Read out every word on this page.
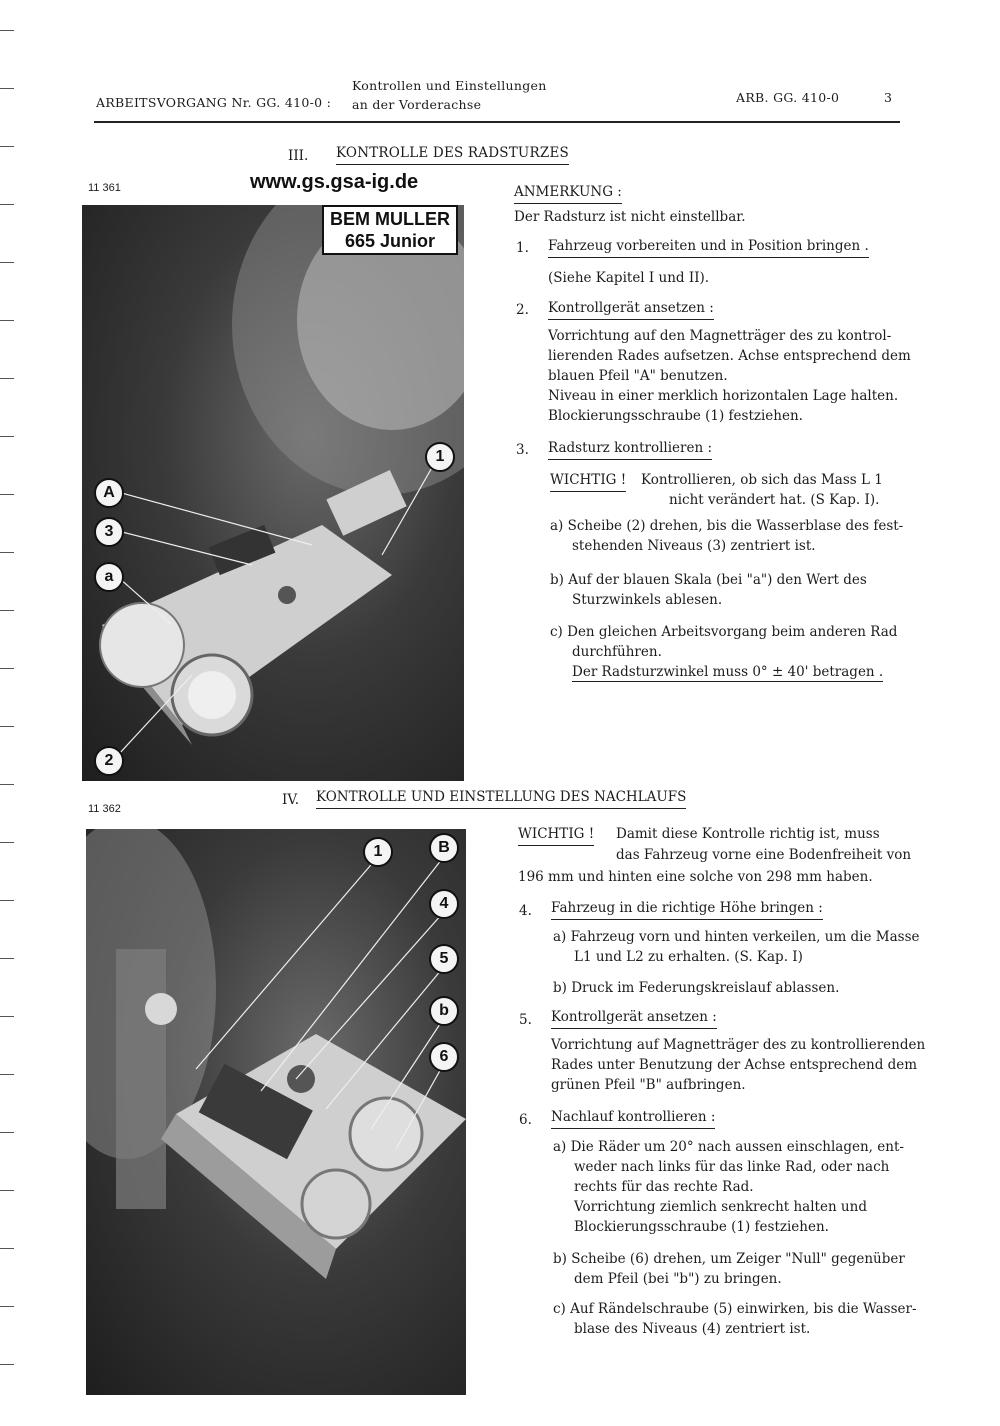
ARBEITSVORGANG Nr. GG. 410-0 :
Kontrollen und Einstellungen
an der Vorderachse	ARB. GG. 410-0	3
III. KONTROLLE DES RADSTURZES
11 361	www.gs.gsa-ig.de
BEM MULLER
665 Junior
1
A
3
a
2
ANMERKUNG :
Der Radsturz ist nicht einstellbar.
1. Fahrzeug vorbereiten und in Position bringen .
(Siehe Kapitel I und II).
2. Kontrollgerät ansetzen :
Vorrichtung auf den Magnetträger des zu kontrol-
lierenden Rades aufsetzen. Achse entsprechend dem
blauen Pfeil "A" benutzen.
Niveau in einer merklich horizontalen Lage halten.
Blockierungsschraube (1) festziehen.
3. Radsturz kontrollieren :
WICHTIG ! Kontrollieren, ob sich das Mass L 1
nicht verändert hat. (S Kap. I).
a) Scheibe (2) drehen, bis die Wasserblase des fest-
stehenden Niveaus (3) zentriert ist.
b) Auf der blauen Skala (bei "a") den Wert des
Sturzwinkels ablesen.
c) Den gleichen Arbeitsvorgang beim anderen Rad
durchführen.
Der Radsturzwinkel muss 0° ± 40' betragen .
11 362
IV. KONTROLLE UND EINSTELLUNG DES NACHLAUFS
1	B
4
5
b
6
WICHTIG ! Damit diese Kontrolle richtig ist, muss
das Fahrzeug vorne eine Bodenfreiheit von
196 mm und hinten eine solche von 298 mm haben.
4. Fahrzeug in die richtige Höhe bringen :
a) Fahrzeug vorn und hinten verkeilen, um die Masse
L1 und L2 zu erhalten. (S. Kap. I)
b) Druck im Federungskreislauf ablassen.
5. Kontrollgerät ansetzen :
Vorrichtung auf Magnetträger des zu kontrollierenden
Rades unter Benutzung der Achse entsprechend dem
grünen Pfeil "B" aufbringen.
6. Nachlauf kontrollieren :
a) Die Räder um 20° nach aussen einschlagen, ent-
weder nach links für das linke Rad, oder nach
rechts für das rechte Rad.
Vorrichtung ziemlich senkrecht halten und
Blockierungsschraube (1) festziehen.
b) Scheibe (6) drehen, um Zeiger "Null" gegenüber
dem Pfeil (bei "b") zu bringen.
c) Auf Rändelschraube (5) einwirken, bis die Wasser-
blase des Niveaus (4) zentriert ist.
